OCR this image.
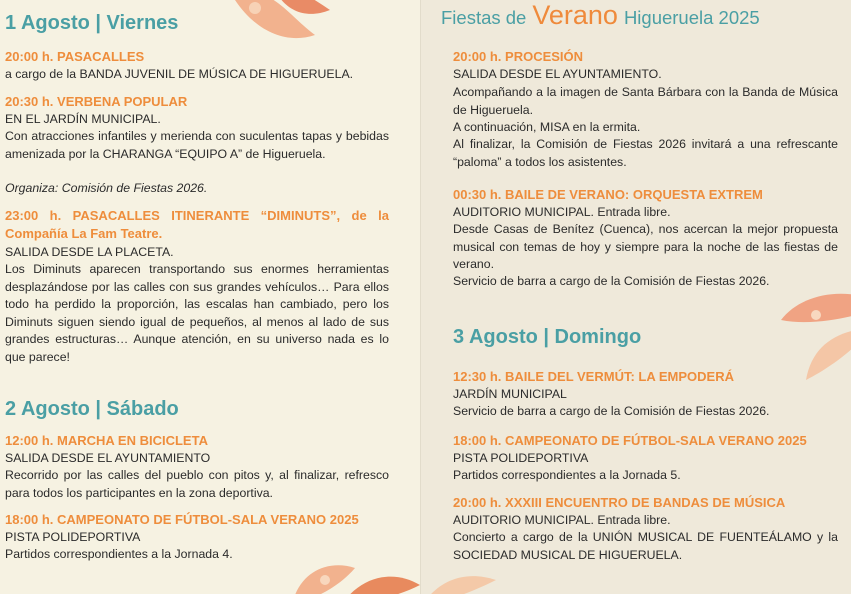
1 Agosto | Viernes

20:00 h. PASACALLES

a cargo de la BANDA JUVENIL DE MÚSICA DE HIGUERUELA.

20:30 h. VERBENA POPULAR

EN EL JARDÍN MUNICIPAL.

Con atracciones infantiles y merienda con suculentas tapas y bebidas amenizada por la CHARANGA “EQUIPO A” de Higueruela.

Organiza: Comisión de Fiestas 2026.

23:00 h. PASACALLES ITINERANTE “DIMINUTS”, de la Compañía La Fam Teatre.

SALIDA DESDE LA PLACETA.

Los Diminuts aparecen transportando sus enormes herramientas desplazándose por las calles con sus grandes vehículos… Para ellos todo ha perdido la proporción, las escalas han cambiado, pero los Diminuts siguen siendo igual de pequeños, al menos al lado de sus grandes estructuras… Aunque atención, en su universo nada es lo que parece!

2 Agosto | Sábado

12:00 h. MARCHA EN BICICLETA

SALIDA DESDE EL AYUNTAMIENTO

Recorrido por las calles del pueblo con pitos y, al finalizar, refresco para todos los participantes en la zona deportiva.

18:00 h. CAMPEONATO DE FÚTBOL-SALA VERANO 2025

PISTA POLIDEPORTIVA

Partidos correspondientes a la Jornada 4.

Fiestas de Verano Higueruela 2025

20:00 h. PROCESIÓN

SALIDA DESDE EL AYUNTAMIENTO.

Acompañando a la imagen de Santa Bárbara con la Banda de Música de Higueruela.

A continuación, MISA en la ermita.

Al finalizar, la Comisión de Fiestas 2026 invitará a una refrescante “paloma” a todos los asistentes.

00:30 h. BAILE DE VERANO: ORQUESTA EXTREM

AUDITORIO MUNICIPAL. Entrada libre.

Desde Casas de Benítez (Cuenca), nos acercan la mejor propuesta musical con temas de hoy y siempre para la noche de las fiestas de verano.

Servicio de barra a cargo de la Comisión de Fiestas 2026.

3 Agosto | Domingo

12:30 h. BAILE DEL VERMÚT: LA EMPODERÁ

JARDÍN MUNICIPAL

Servicio de barra a cargo de la Comisión de Fiestas 2026.

18:00 h. CAMPEONATO DE FÚTBOL-SALA VERANO 2025

PISTA POLIDEPORTIVA

Partidos correspondientes a la Jornada 5.

20:00 h. XXXIII ENCUENTRO DE BANDAS DE MÚSICA

AUDITORIO MUNICIPAL. Entrada libre.

Concierto a cargo de la UNIÓN MUSICAL DE FUENTEÁLAMO y la SOCIEDAD MUSICAL DE HIGUERUELA.
